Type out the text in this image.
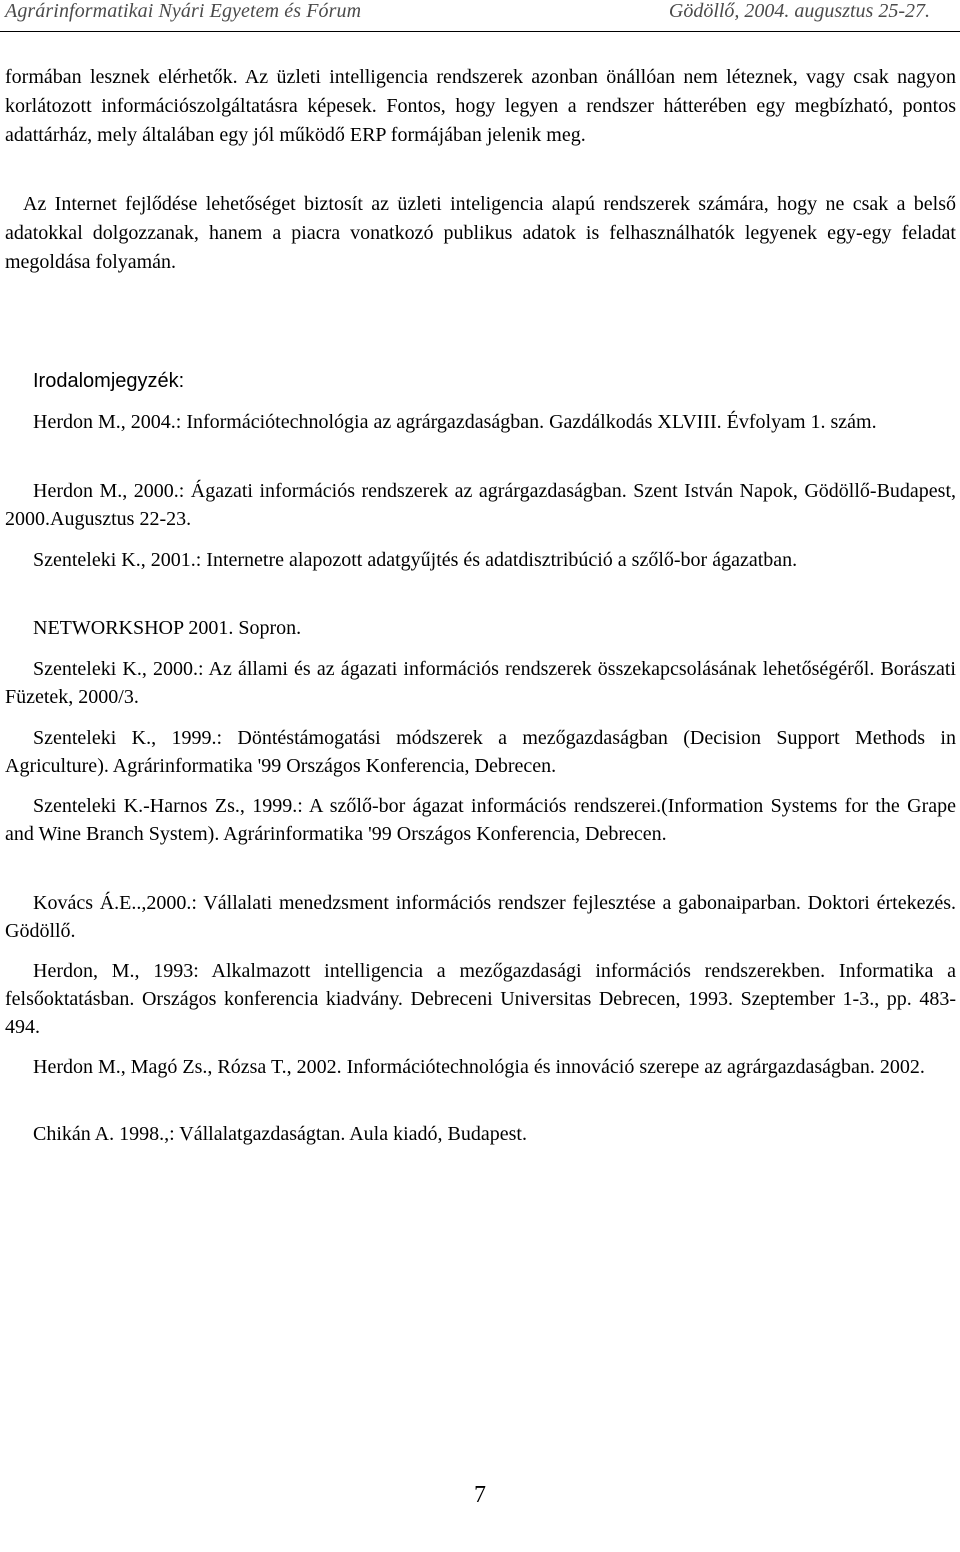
Agrárinformatikai Nyári Egyetem és Fórum	Gödöllő, 2004. augusztus 25-27.

formában lesznek elérhetők. Az üzleti intelligencia rendszerek azonban önállóan nem léteznek, vagy csak nagyon korlátozott információszolgáltatásra képesek. Fontos, hogy legyen a rendszer hátterében egy megbízható, pontos adattárház, mely általában egy jól működő ERP formájában jelenik meg.

Az Internet fejlődése lehetőséget biztosít az üzleti inteligencia alapú rendszerek számára, hogy ne csak a belső adatokkal dolgozzanak, hanem a piacra vonatkozó publikus adatok is felhasználhatók legyenek egy-egy feladat megoldása folyamán.

Irodalomjegyzék:

Herdon M., 2004.: Információtechnológia az agrárgazdaságban. Gazdálkodás XLVIII. Évfolyam 1. szám.

Herdon M., 2000.: Ágazati információs rendszerek az agrárgazdaságban. Szent István Napok, Gödöllő-Budapest, 2000.Augusztus 22-23.

Szenteleki K., 2001.: Internetre alapozott adatgyűjtés és adatdisztribúció a szőlő-bor ágazatban.

NETWORKSHOP 2001. Sopron.

Szenteleki K., 2000.: Az állami és az ágazati információs rendszerek összekapcsolásának lehetőségéről. Borászati Füzetek, 2000/3.

Szenteleki K., 1999.: Döntéstámogatási módszerek a mezőgazdaságban (Decision Support Methods in Agriculture). Agrárinformatika '99 Országos Konferencia, Debrecen.

Szenteleki K.-Harnos Zs., 1999.: A szőlő-bor ágazat információs rendszerei.(Information Systems for the Grape and Wine Branch System). Agrárinformatika '99 Országos Konferencia, Debrecen.

Kovács Á.E..,2000.: Vállalati menedzsment információs rendszer fejlesztése a gabonaiparban. Doktori értekezés. Gödöllő.

Herdon, M., 1993: Alkalmazott intelligencia a mezőgazdasági információs rendszerekben. Informatika a felsőoktatásban. Országos konferencia kiadvány. Debreceni Universitas Debrecen, 1993. Szeptember 1-3., pp. 483-494.

Herdon M., Magó Zs., Rózsa T., 2002. Információtechnológia és innováció szerepe az agrárgazdaságban. 2002.

Chikán A. 1998.,: Vállalatgazdaságtan. Aula kiadó, Budapest.

7
